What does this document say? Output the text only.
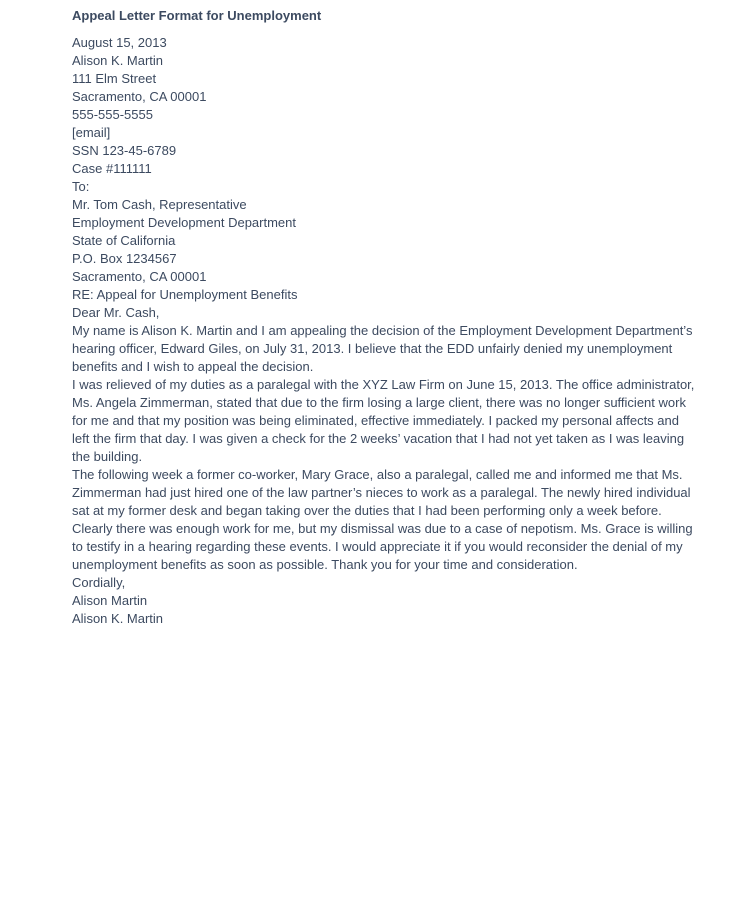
Appeal Letter Format for Unemployment
August 15, 2013
Alison K. Martin
111 Elm Street
Sacramento, CA 00001
555-555-5555
[email]
SSN 123-45-6789
Case #111111
To:
Mr. Tom Cash, Representative
Employment Development Department
State of California
P.O. Box 1234567
Sacramento, CA 00001
RE: Appeal for Unemployment Benefits
Dear Mr. Cash,
My name is Alison K. Martin and I am appealing the decision of the Employment Development Department’s
hearing officer, Edward Giles, on July 31, 2013. I believe that the EDD unfairly denied my unemployment
benefits and I wish to appeal the decision.
I was relieved of my duties as a paralegal with the XYZ Law Firm on June 15, 2013. The office administrator,
Ms. Angela Zimmerman, stated that due to the firm losing a large client, there was no longer sufficient work
for me and that my position was being eliminated, effective immediately. I packed my personal affects and
left the firm that day. I was given a check for the 2 weeks’ vacation that I had not yet taken as I was leaving
the building.
The following week a former co-worker, Mary Grace, also a paralegal, called me and informed me that Ms.
Zimmerman had just hired one of the law partner’s nieces to work as a paralegal. The newly hired individual
sat at my former desk and began taking over the duties that I had been performing only a week before.
Clearly there was enough work for me, but my dismissal was due to a case of nepotism. Ms. Grace is willing
to testify in a hearing regarding these events. I would appreciate it if you would reconsider the denial of my
unemployment benefits as soon as possible. Thank you for your time and consideration.
Cordially,
Alison Martin
Alison K. Martin
